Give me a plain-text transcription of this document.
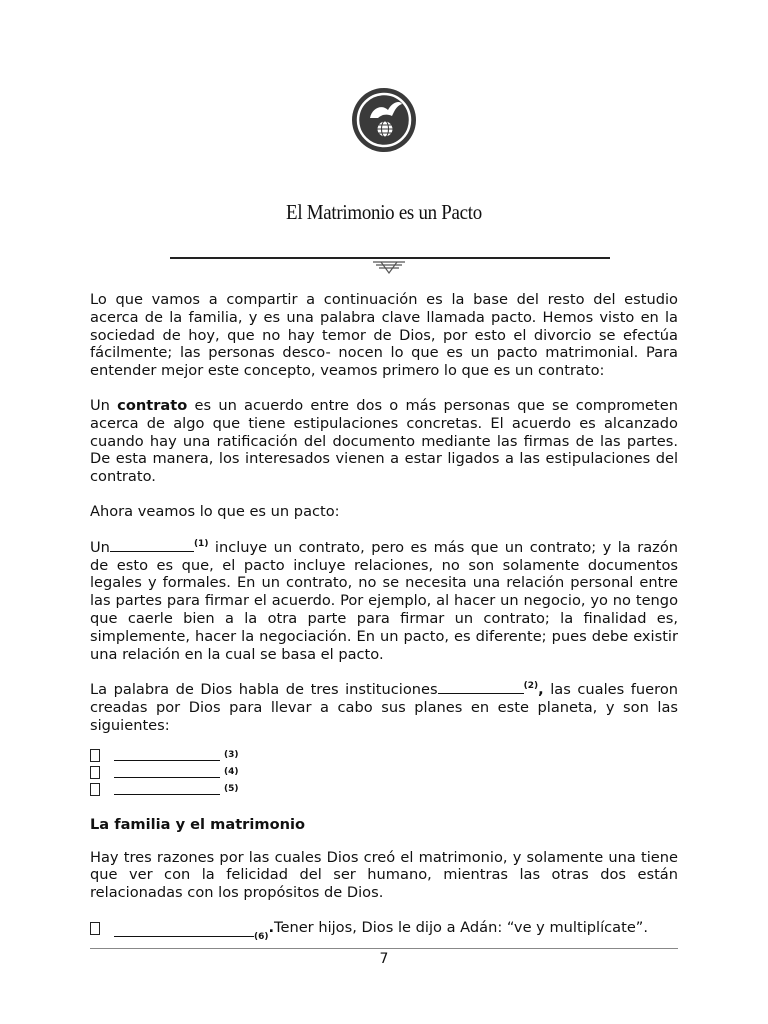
El Matrimonio es un Pacto

Lo que vamos a compartir a continuación es la base del resto del estudio acerca de la familia, y es una palabra clave llamada pacto. Hemos visto en la sociedad de hoy, que no hay temor de Dios, por esto el divorcio se efectúa fácilmente; las personas desco- nocen lo que es un pacto matrimonial. Para entender mejor este concepto, veamos primero lo que es un contrato:

Un contrato es un acuerdo entre dos o más personas que se comprometen acerca de algo que tiene estipulaciones concretas. El acuerdo es alcanzado cuando hay una ratificación del documento mediante las firmas de las partes. De esta manera, los interesados vienen a estar ligados a las estipulaciones del contrato.

Ahora veamos lo que es un pacto:

Un	$^{(1)}$ incluye un contrato, pero es más que un contrato; y la razón de esto es que, el pacto incluye relaciones, no son solamente documentos legales y formales. En un contrato, no se necesita una relación personal entre las partes para firmar el acuerdo. Por ejemplo, al hacer un negocio, yo no tengo que caerle bien a la otra parte para firmar un contrato; la finalidad es, simplemente, hacer la negociación. En un pacto, es diferente; pues debe existir una relación en la cual se basa el pacto.

La palabra de Dios habla de tres instituciones	$^{(2)}$, las cuales fueron creadas por Dios para llevar a cabo sus planes en este planeta, y son las siguientes:

(3)
(4)
(5)
La familia y el matrimonio

Hay tres razones por las cuales Dios creó el matrimonio, y solamente una tiene que ver con la felicidad del ser humano, mientras las otras dos están relacionadas con los propósitos de Dios.

(6)
. Tener hijos, Dios le dijo a Adán: “ve y multiplícate”.
7
